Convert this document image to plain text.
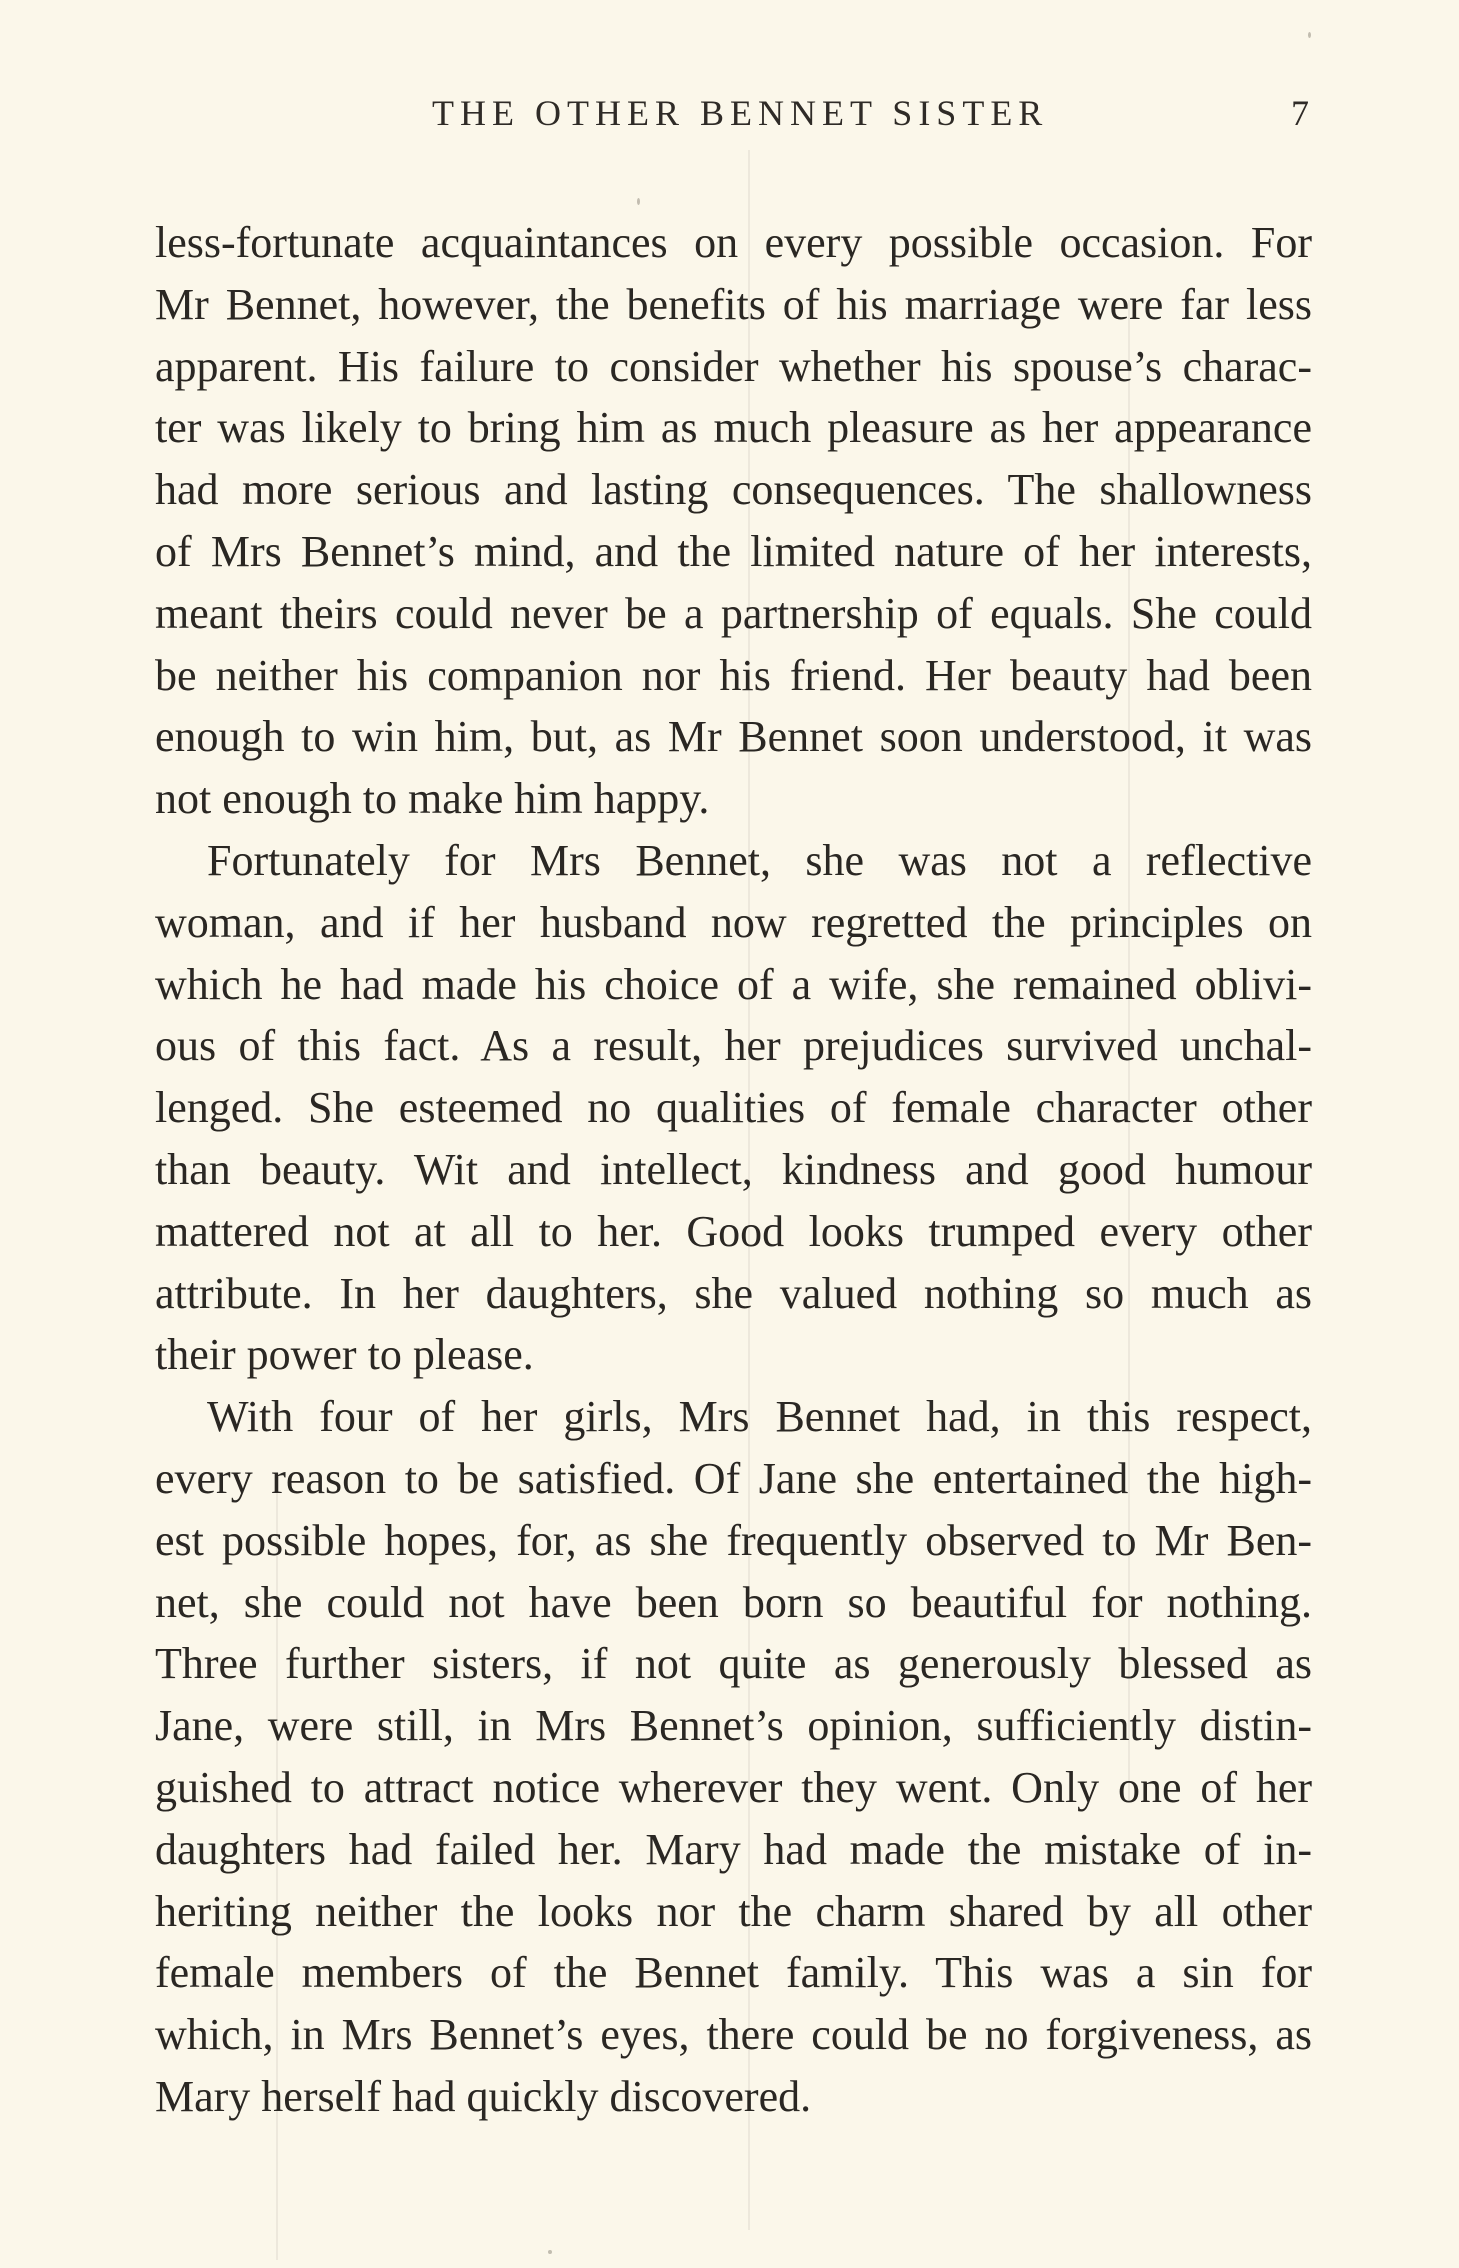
THE OTHER BENNET SISTER	7
less-fortunate acquaintances on every possible occasion. For
Mr Bennet, however, the benefits of his marriage were far less
apparent. His failure to consider whether his spouse’s charac-
ter was likely to bring him as much pleasure as her appearance
had more serious and lasting consequences. The shallowness
of Mrs Bennet’s mind, and the limited nature of her interests,
meant theirs could never be a partnership of equals. She could
be neither his companion nor his friend. Her beauty had been
enough to win him, but, as Mr Bennet soon understood, it was
not enough to make him happy.
Fortunately for Mrs Bennet, she was not a reflective
woman, and if her husband now regretted the principles on
which he had made his choice of a wife, she remained oblivi-
ous of this fact. As a result, her prejudices survived unchal-
lenged. She esteemed no qualities of female character other
than beauty. Wit and intellect, kindness and good humour
mattered not at all to her. Good looks trumped every other
attribute. In her daughters, she valued nothing so much as
their power to please.
With four of her girls, Mrs Bennet had, in this respect,
every reason to be satisfied. Of Jane she entertained the high-
est possible hopes, for, as she frequently observed to Mr Ben-
net, she could not have been born so beautiful for nothing.
Three further sisters, if not quite as generously blessed as
Jane, were still, in Mrs Bennet’s opinion, sufficiently distin-
guished to attract notice wherever they went. Only one of her
daughters had failed her. Mary had made the mistake of in-
heriting neither the looks nor the charm shared by all other
female members of the Bennet family. This was a sin for
which, in Mrs Bennet’s eyes, there could be no forgiveness, as
Mary herself had quickly discovered.
